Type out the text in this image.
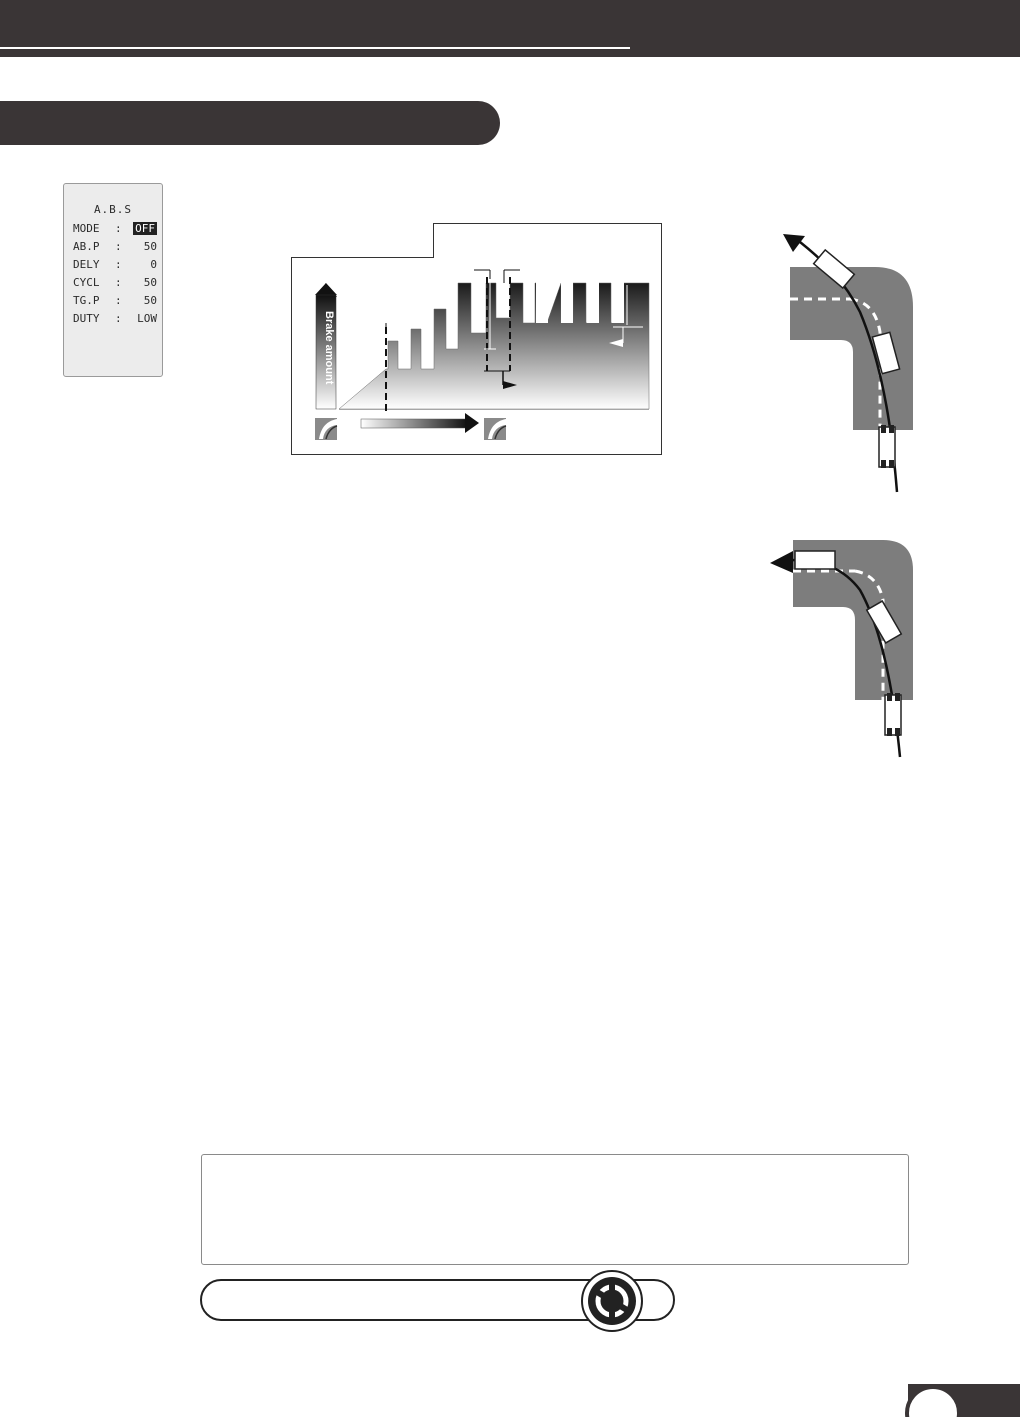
A.B.S
MODE : OFF
AB.P : 50
DELY :	0
CYCL : 50
TG.P : 50
DUTY : LOW	Brake amount
